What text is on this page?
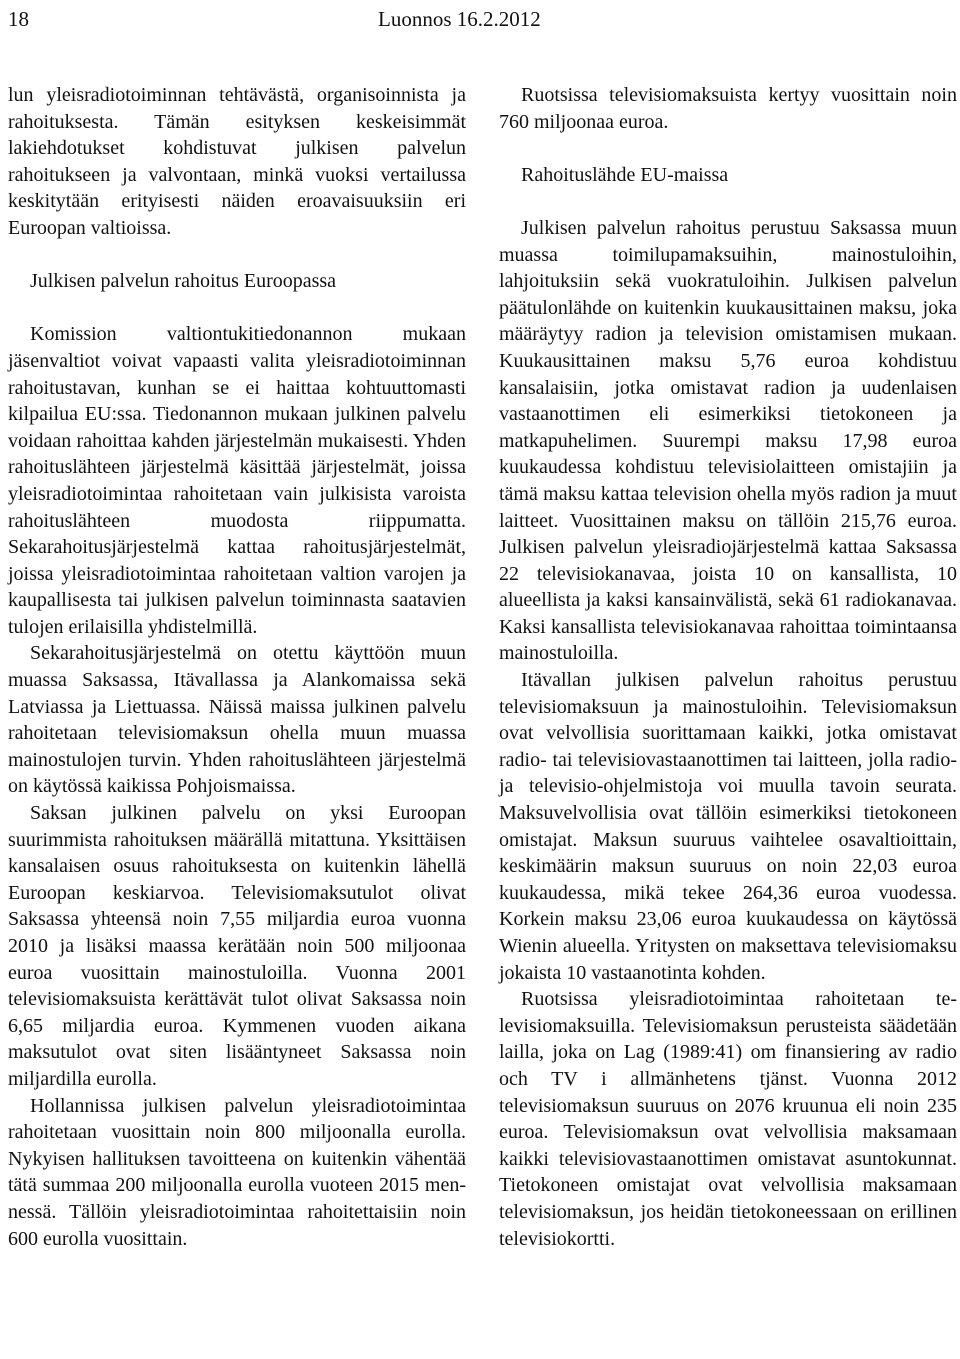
18	Luonnos 16.2.2012

lun yleisradiotoiminnan tehtävästä, organisoinnista ja rahoituksesta. Tämän esityksen keskeisimmät lakiehdotukset kohdistuvat julkisen palvelun rahoitukseen ja valvontaan, minkä vuoksi vertailussa keskitytään erityisesti näiden eroavaisuuksiin eri Euroopan valtioissa.

Julkisen palvelun rahoitus Euroopassa

Komission valtiontukitiedonannon mukaan jäsenvaltiot voivat vapaasti valita yleisradiotoiminnan rahoitustavan, kunhan se ei haittaa kohtuuttomasti kilpailua EU:ssa. Tiedonannon mukaan julkinen palvelu voidaan rahoittaa kahden järjestelmän mukaisesti. Yhden rahoituslähteen järjestelmä käsittää järjestelmät, joissa yleisradiotoimintaa rahoitetaan vain julkisista varoista rahoituslähteen muodosta riippumatta. Sekarahoitusjärjestelmä kattaa rahoitusjärjestelmät, joissa yleisradiotoimintaa rahoitetaan valtion varojen ja kaupallisesta tai julkisen palvelun toiminnasta saatavien tulojen erilaisilla yhdistelmillä.

Sekarahoitusjärjestelmä on otettu käyttöön muun muassa Saksassa, Itävallassa ja Alankomaissa sekä Latviassa ja Liettuassa. Näissä maissa julkinen palvelu rahoitetaan televisiomaksun ohella muun muassa mainostulojen turvin. Yhden rahoituslähteen järjestelmä on käytössä kaikissa Pohjoismaissa.

Saksan julkinen palvelu on yksi Euroopan suurimmista rahoituksen määrällä mitattuna. Yksittäisen kansalaisen osuus rahoituksesta on kuitenkin lähellä Euroopan keskiarvoa. Televisiomaksutulot olivat Saksassa yhteensä noin 7,55 miljardia euroa vuonna 2010 ja lisäksi maassa kerätään noin 500 miljoonaa euroa vuosittain mainostuloilla. Vuonna 2001 televisiomaksuista kerättävät tulot olivat Saksassa noin 6,65 miljardia euroa. Kymmenen vuoden aikana maksutulot ovat siten lisääntyneet Saksassa noin miljardilla eurolla.

Hollannissa julkisen palvelun yleisradiotoimintaa rahoitetaan vuosittain noin 800 miljoonalla eurolla. Nykyisen hallituksen tavoitteena on kuitenkin vähentää tätä summaa 200 miljoonalla eurolla vuoteen 2015 mennessä. Tällöin yleisradiotoimintaa rahoitettaisiin noin 600 eurolla vuosittain.

Ruotsissa televisiomaksuista kertyy vuosittain noin 760 miljoonaa euroa.

Rahoituslähde EU-maissa

Julkisen palvelun rahoitus perustuu Saksassa muun muassa toimilupamaksuihin, mainostuloihin, lahjoituksiin sekä vuokratuloihin. Julkisen palvelun päätulonlähde on kuitenkin kuukausittainen maksu, joka määräytyy radion ja television omistamisen mukaan. Kuukausittainen maksu 5,76 euroa kohdistuu kansalaisiin, jotka omistavat radion ja uudenlaisen vastaanottimen eli esimerkiksi tietokoneen ja matkapuhelimen. Suurempi maksu 17,98 euroa kuukaudessa kohdistuu televisiolaitteen omistajiin ja tämä maksu kattaa television ohella myös radion ja muut laitteet. Vuosittainen maksu on tällöin 215,76 euroa. Julkisen palvelun yleisradiojärjestelmä kattaa Saksassa 22 televisiokanavaa, joista 10 on kansallista, 10 alueellista ja kaksi kansainvälistä, sekä 61 radiokanavaa. Kaksi kansallista televisiokanavaa rahoittaa toimintaansa mainostuloilla.

Itävallan julkisen palvelun rahoitus perustuu televisiomaksuun ja mainostuloihin. Televisiomaksun ovat velvollisia suorittamaan kaikki, jotka omistavat radio- tai televisiovastaanottimen tai laitteen, jolla radio- ja televisio-ohjelmistoja voi muulla tavoin seurata. Maksuvelvollisia ovat tällöin esimerkiksi tietokoneen omistajat. Maksun suuruus vaihtelee osavaltioittain, keskimäärin maksun suuruus on noin 22,03 euroa kuukaudessa, mikä tekee 264,36 euroa vuodessa. Korkein maksu 23,06 euroa kuukaudessa on käytössä Wienin alueella. Yritysten on maksettava televisiomaksu jokaista 10 vastaanotinta kohden.

Ruotsissa yleisradiotoimintaa rahoitetaan televisiomaksuilla. Televisiomaksun perusteista säädetään lailla, joka on Lag (1989:41) om finansiering av radio och TV i allmänhetens tjänst. Vuonna 2012 televisiomaksun suuruus on 2076 kruunua eli noin 235 euroa. Televisiomaksun ovat velvollisia maksamaan kaikki televisiovastaanottimen omistavat asuntokunnat. Tietokoneen omistajat ovat velvollisia maksamaan televisiomaksun, jos heidän tietokoneessaan on erillinen televisiokortti.
